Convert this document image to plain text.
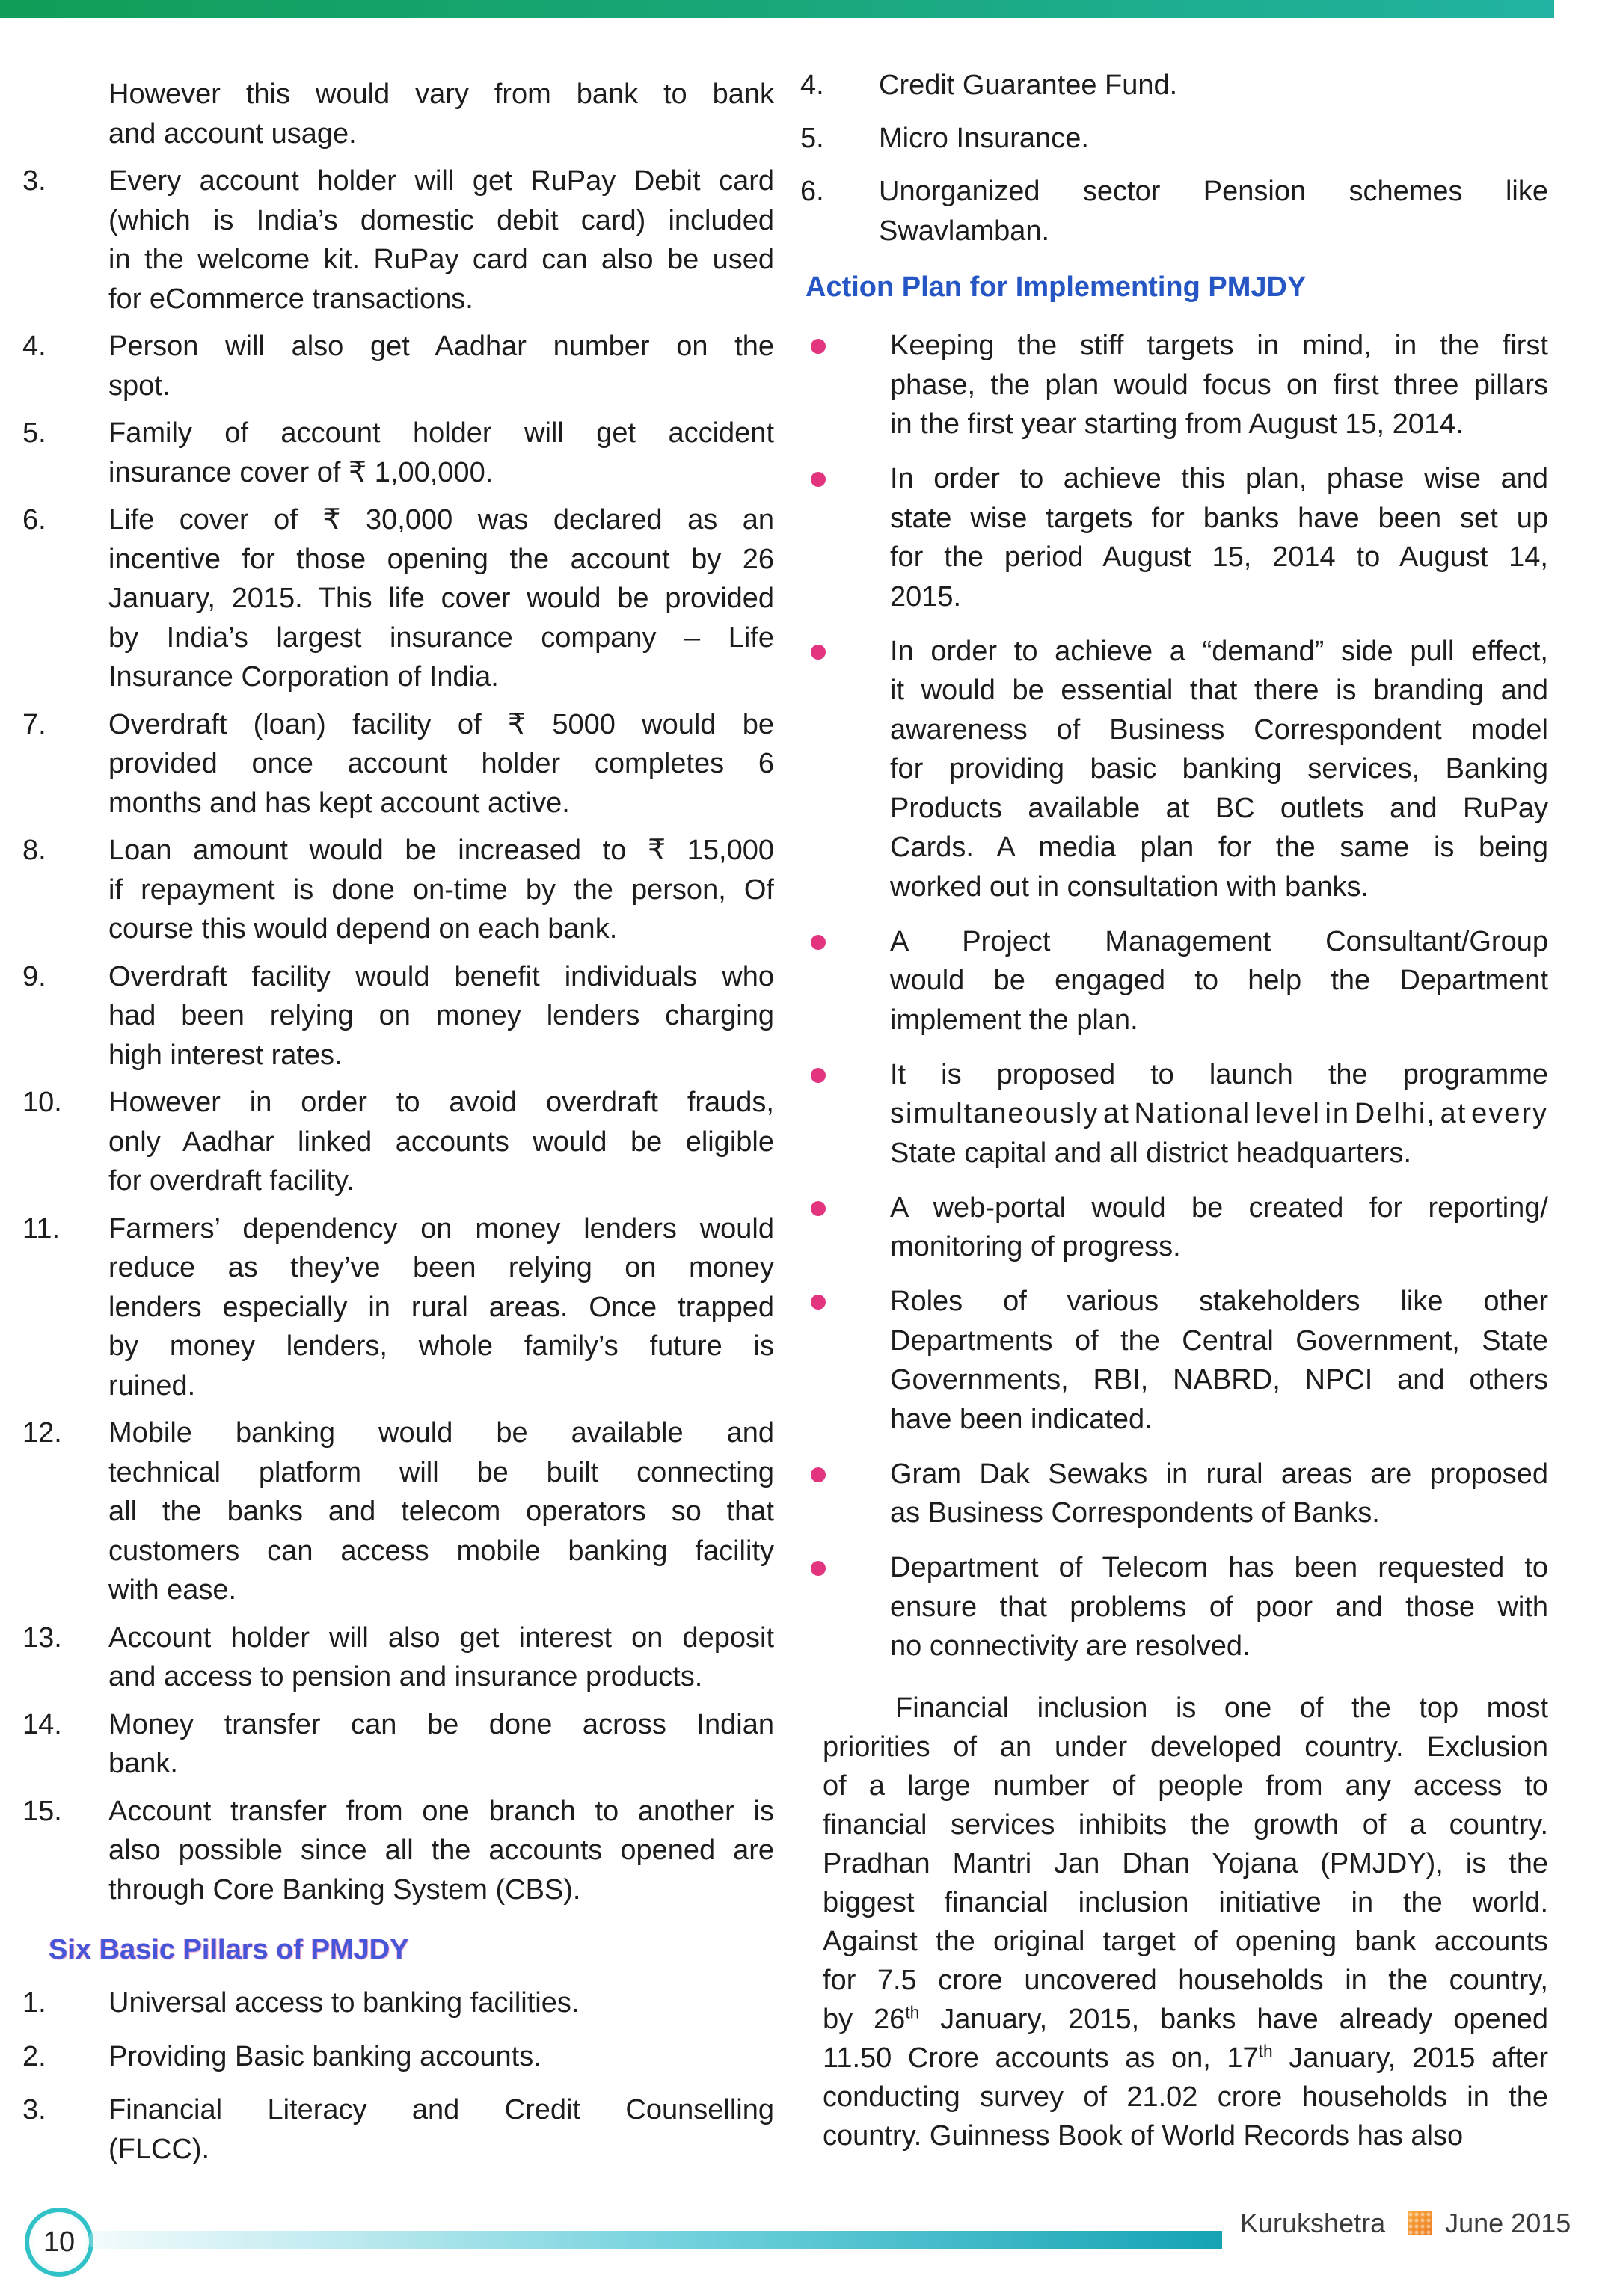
However this would vary from bank to bank
and account usage.
3.	Every account holder will get RuPay Debit card
(which is India’s domestic debit card) included
in the welcome kit. RuPay card can also be used
for eCommerce transactions.
4.	Person will also get Aadhar number on the
spot.
5.	Family of account holder will get accident
insurance cover of ₹ 1,00,000.
6.	Life cover of ₹ 30,000 was declared as an
incentive for those opening the account by 26
January, 2015. This life cover would be provided
by India’s largest insurance company – Life
Insurance Corporation of India.
7.	Overdraft (loan) facility of ₹ 5000 would be
provided once account holder completes 6
months and has kept account active.
8.	Loan amount would be increased to ₹ 15,000
if repayment is done on-time by the person, Of
course this would depend on each bank.
9.	Overdraft facility would benefit individuals who
had been relying on money lenders charging
high interest rates.
10.	However in order to avoid overdraft frauds,
only Aadhar linked accounts would be eligible
for overdraft facility.
11.	Farmers’ dependency on money lenders would
reduce as they’ve been relying on money
lenders especially in rural areas. Once trapped
by money lenders, whole family’s future is
ruined.
12.	Mobile banking would be available and
technical platform will be built connecting
all the banks and telecom operators so that
customers can access mobile banking facility
with ease.
13.	Account holder will also get interest on deposit
and access to pension and insurance products.
14.	Money transfer can be done across Indian
bank.
15.	Account transfer from one branch to another is
also possible since all the accounts opened are
through Core Banking System (CBS).
Six Basic Pillars of PMJDY
1.	Universal access to banking facilities.
2.	Providing Basic banking accounts.
3.	Financial Literacy and Credit Counselling
(FLCC).
4.	Credit Guarantee Fund.
5.	Micro Insurance.
6.	Unorganized sector Pension schemes like
Swavlamban.
Action Plan for Implementing PMJDY
Keeping the stiff targets in mind, in the first
phase, the plan would focus on first three pillars
in the first year starting from August 15, 2014.
In order to achieve this plan, phase wise and
state wise targets for banks have been set up
for the period August 15, 2014 to August 14,
2015.
In order to achieve a “demand” side pull effect,
it would be essential that there is branding and
awareness of Business Correspondent model
for providing basic banking services, Banking
Products available at BC outlets and RuPay
Cards. A media plan for the same is being
worked out in consultation with banks.
A Project Management Consultant/Group
would be engaged to help the Department
implement the plan.
It is proposed to launch the programme
simultaneously at National level in Delhi, at every
State capital and all district headquarters.
A web-portal would be created for reporting/
monitoring of progress.
Roles of various stakeholders like other
Departments of the Central Government, State
Governments, RBI, NABRD, NPCI and others
have been indicated.
Gram Dak Sewaks in rural areas are proposed
as Business Correspondents of Banks.
Department of Telecom has been requested to
ensure that problems of poor and those with
no connectivity are resolved.
Financial inclusion is one of the top most
priorities of an under developed country. Exclusion
of a large number of people from any access to
financial services inhibits the growth of a country.
Pradhan Mantri Jan Dhan Yojana (PMJDY), is the
biggest financial inclusion initiative in the world.
Against the original target of opening bank accounts
for 7.5 crore uncovered households in the country,
by 26th January, 2015, banks have already opened
11.50 Crore accounts as on, 17th January, 2015 after
conducting survey of 21.02 crore households in the
country. Guinness Book of World Records has also
10
Kurukshetra June 2015
